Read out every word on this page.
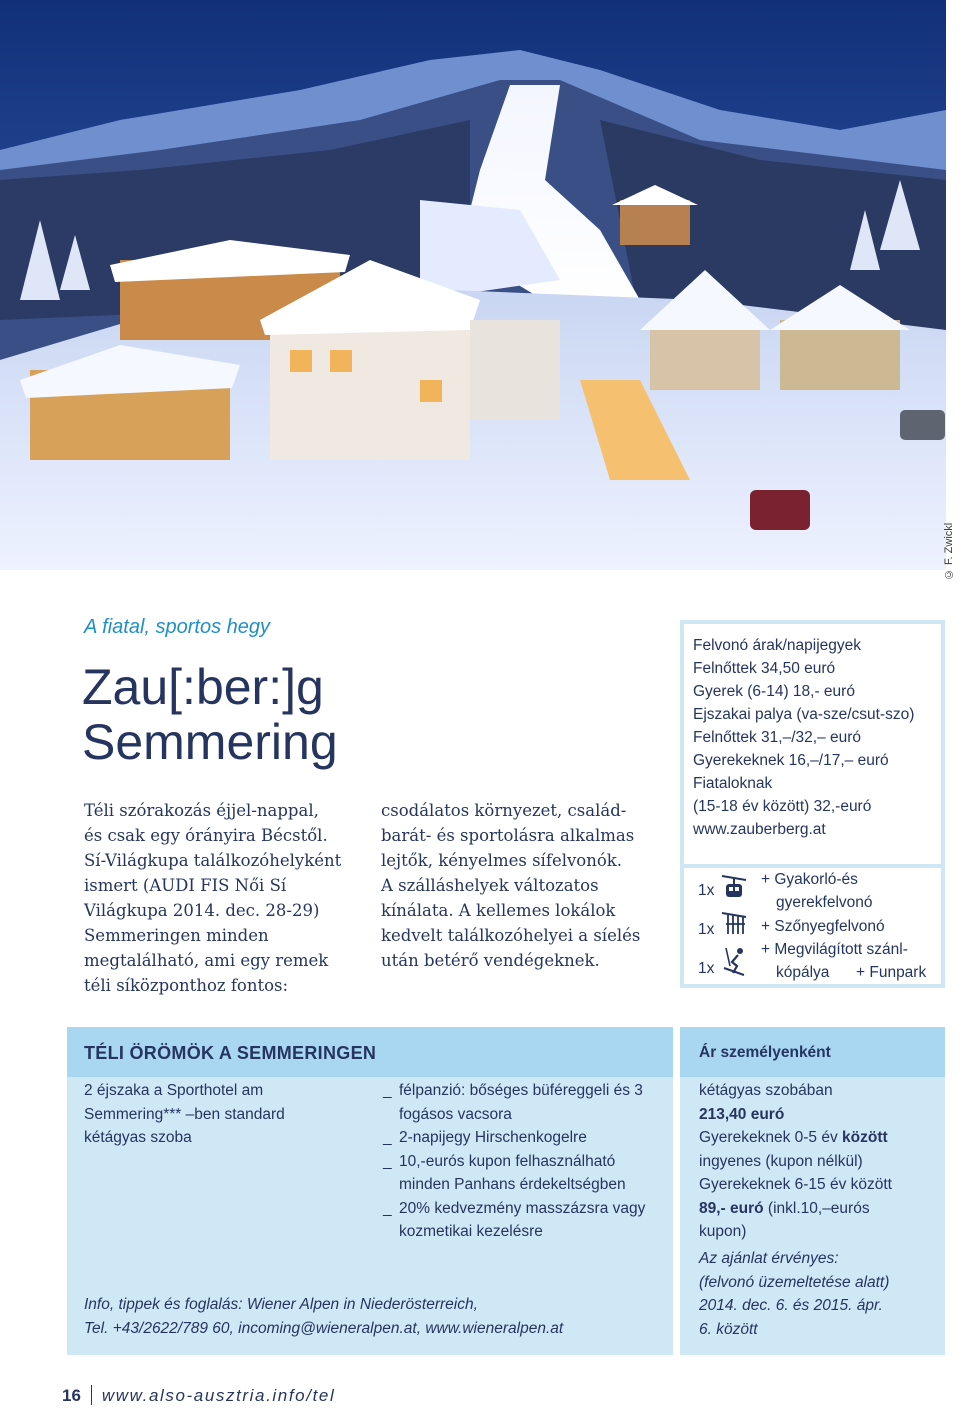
© F. Zwickl
A fiatal, sportos hegy
Zau[:ber:]g
Semmering
Téli szórakozás éjjel-nappal,
és csak egy órányira Bécstől.
Sí-Világkupa találkozóhelyként
ismert (AUDI FIS Női Sí
Világkupa 2014. dec. 28-29)
Semmeringen minden
megtalálható, ami egy remek
téli síközponthoz fontos:
csodálatos környezet, család-
barát- és sportolásra alkalmas
lejtők, kényelmes sífelvonók.
A szálláshelyek változatos
kínálata. A kellemes lokálok
kedvelt találkozóhelyei a síelés
után betérő vendégeknek.
Felvonó árak/napijegyek
Felnőttek 34,50 euró
Gyerek (6-14) 18,- euró
Ejszakai palya (va-sze/csut-szo)
Felnőttek 31,–/32,– euró
Gyerekeknek 16,–/17,– euró
Fiataloknak
(15-18 év között) 32,-euró
www.zauberberg.at
1x
1x
1x
+ Gyakorló-és
gyerekfelvonó
+ Szőnyegfelvonó
+ Megvilágított szánl-
kópálya + Funpark
TÉLI ÖRÖMÖK A SEMMERINGEN
2 éjszaka a Sporthotel am
Semmering*** –ben standard
kétágyas szoba
_ félpanzió: bőséges büféreggeli és 3 fogásos vacsora
_ 2-napijegy Hirschenkogelre
_ 10,-eurós kupon felhasználható minden Panhans érdekeltségben
_ 20% kedvezmény masszázsra vagy kozmetikai kezelésre
Info, tippek és foglalás: Wiener Alpen in Niederösterreich,
Tel. +43/2622/789 60, incoming@wieneralpen.at, www.wieneralpen.at
Ár személyenként
kétágyas szobában
213,40 euró
Gyerekeknek 0-5 év között
ingyenes (kupon nélkül)
Gyerekeknek 6-15 év között
89,- euró (inkl.10,–eurós
kupon)
Az ajánlat érvényes:
(felvonó üzemeltetése alatt)
2014. dec. 6. és 2015. ápr.
6. között
16 www.also-ausztria.info/tel
